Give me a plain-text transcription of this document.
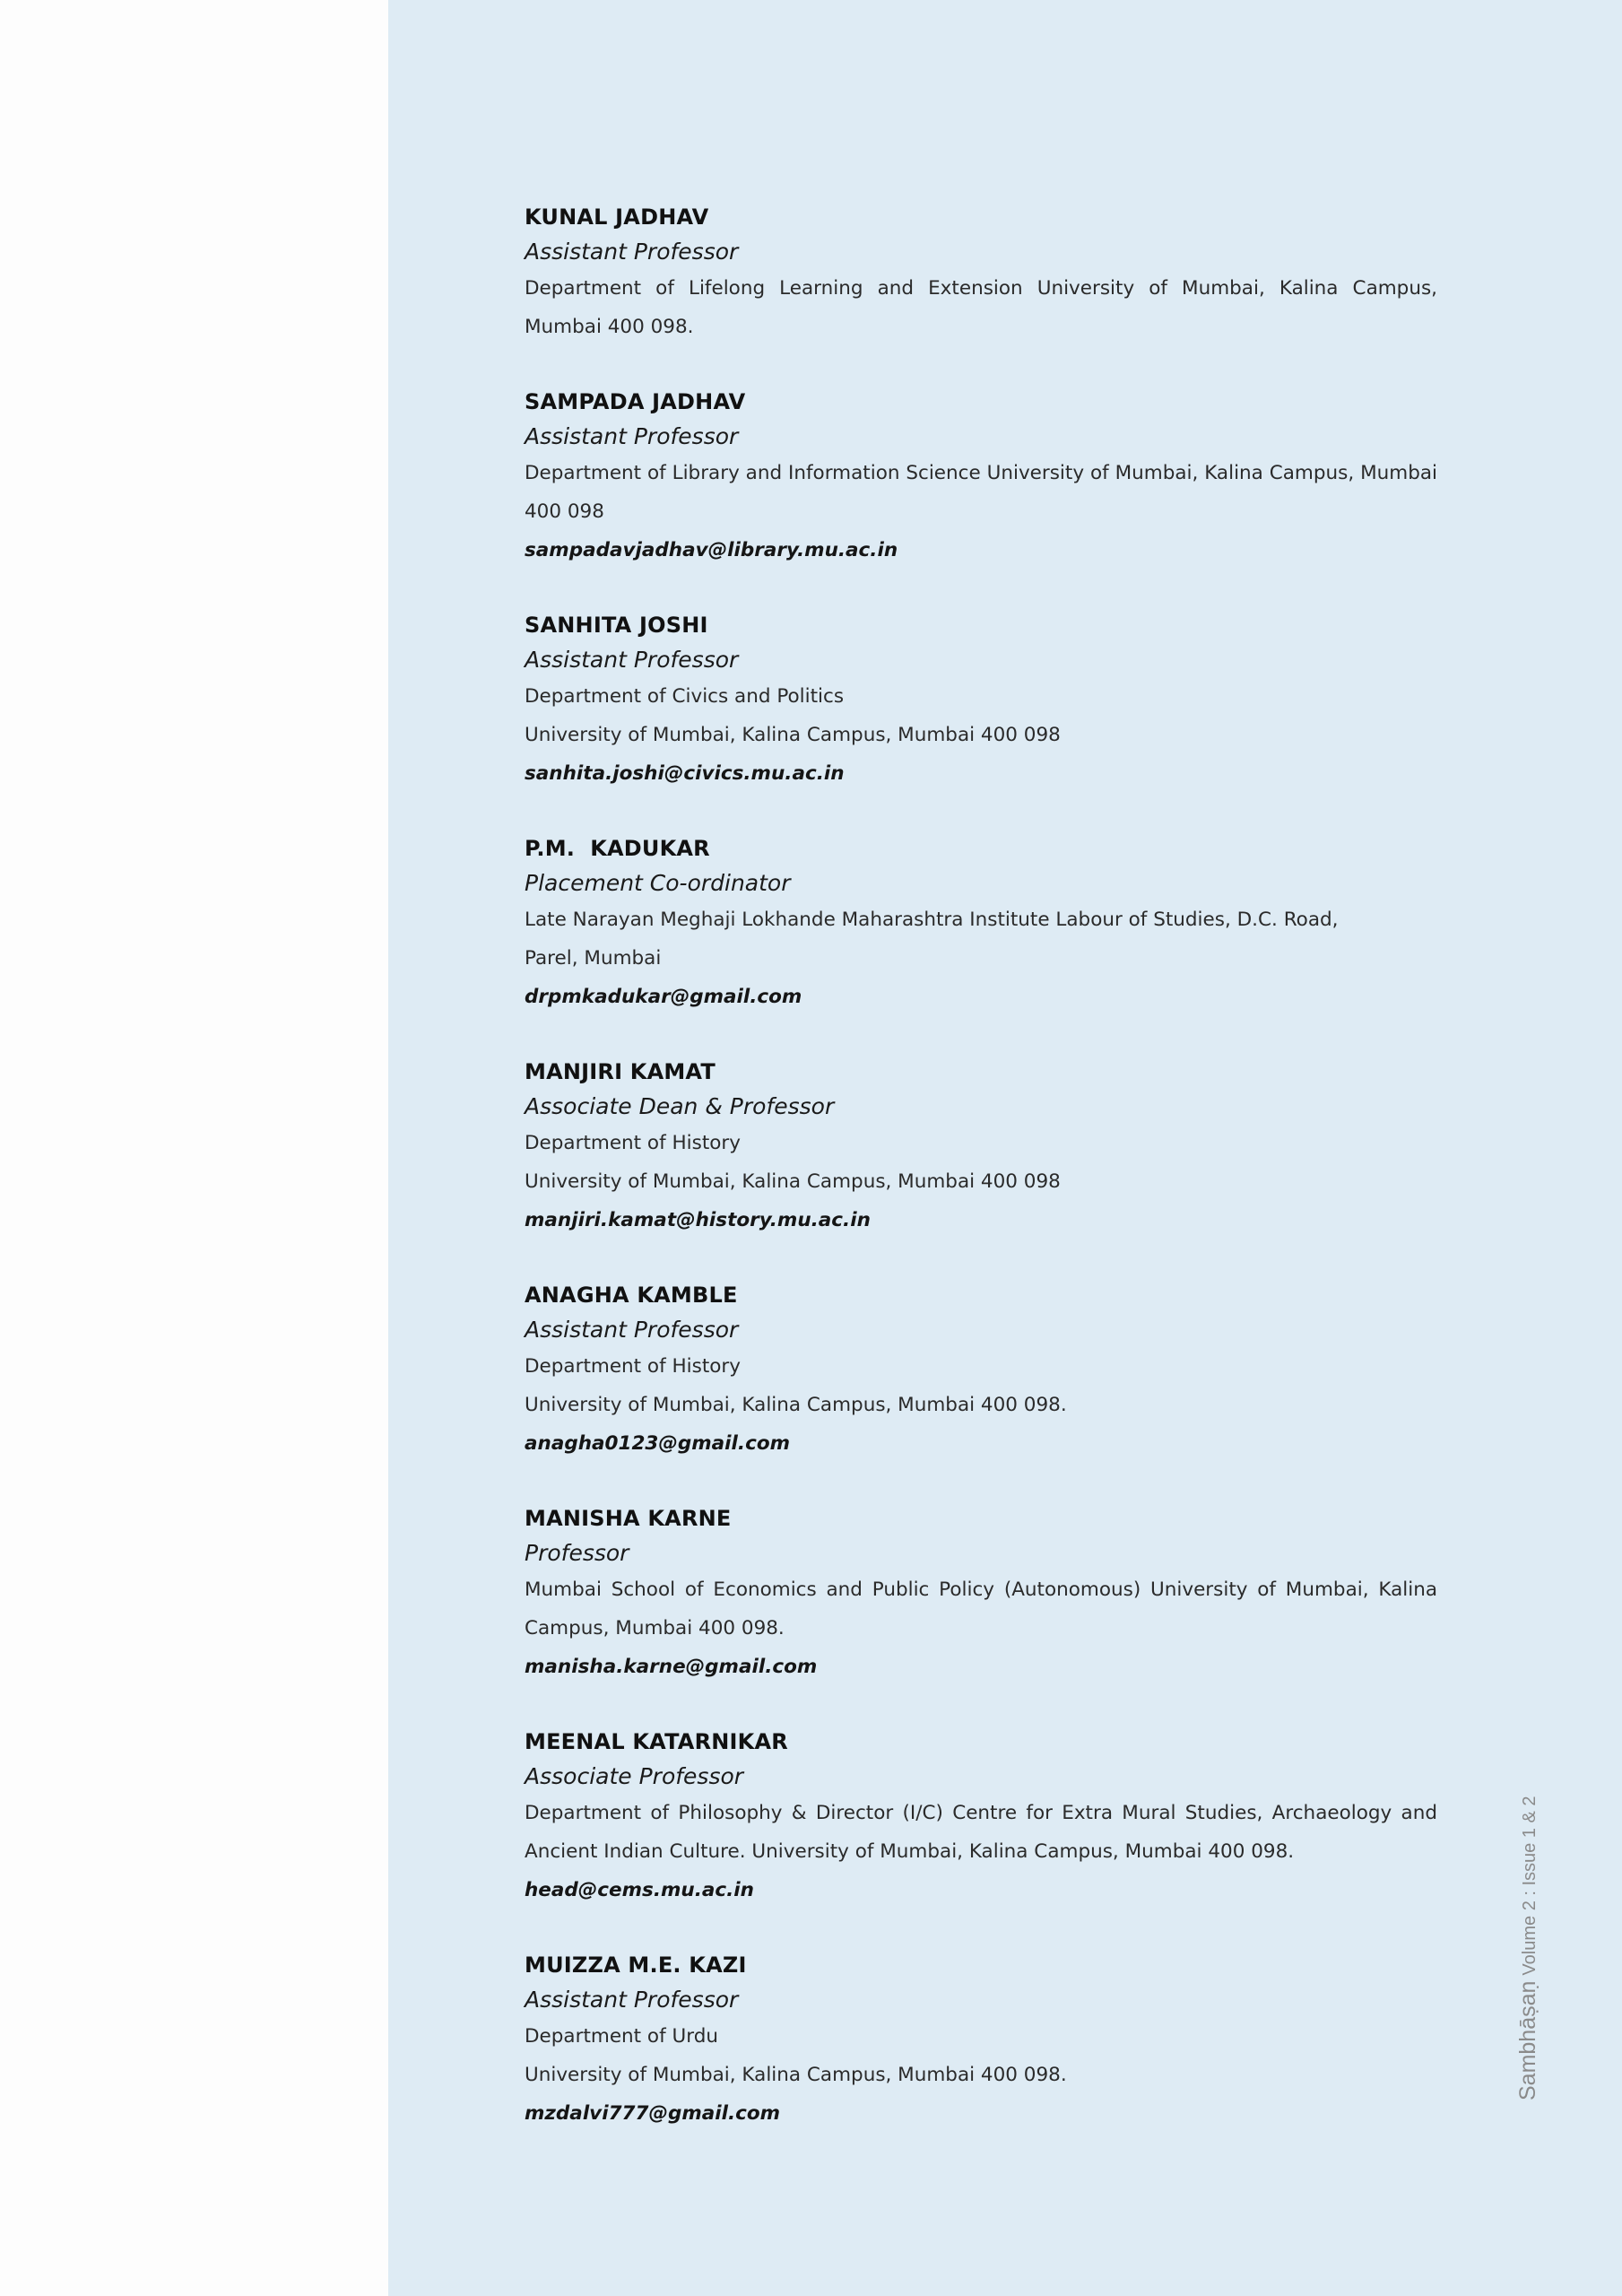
KUNAL JADHAV
Assistant Professor
Department of Lifelong Learning and Extension University of Mumbai, Kalina Campus, Mumbai 400 098.
SAMPADA JADHAV
Assistant Professor
Department of Library and Information Science University of Mumbai, Kalina Campus, Mumbai 400 098
sampadavjadhav@library.mu.ac.in
SANHITA JOSHI
Assistant Professor
Department of Civics and Politics
University of Mumbai, Kalina Campus, Mumbai 400 098
sanhita.joshi@civics.mu.ac.in
P.M.  KADUKAR
Placement Co-ordinator
Late Narayan Meghaji Lokhande Maharashtra Institute Labour of Studies, D.C. Road,
Parel, Mumbai
drpmkadukar@gmail.com
MANJIRI KAMAT
Associate Dean & Professor
Department of History
University of Mumbai, Kalina Campus, Mumbai 400 098
manjiri.kamat@history.mu.ac.in
ANAGHA KAMBLE
Assistant Professor
Department of History
University of Mumbai, Kalina Campus, Mumbai 400 098.
anagha0123@gmail.com
MANISHA KARNE
Professor
Mumbai School of Economics and Public Policy (Autonomous) University of Mumbai, Kalina Campus, Mumbai 400 098.
manisha.karne@gmail.com
MEENAL KATARNIKAR
Associate Professor
Department of Philosophy & Director (I/C) Centre for Extra Mural Studies, Archaeology and Ancient Indian Culture. University of Mumbai, Kalina Campus, Mumbai 400 098.
head@cems.mu.ac.in
MUIZZA M.E. KAZI
Assistant Professor
Department of Urdu
University of Mumbai, Kalina Campus, Mumbai 400 098.
mzdalvi777@gmail.com
SambhāṣaṇVolume 2 : Issue 1 & 2
